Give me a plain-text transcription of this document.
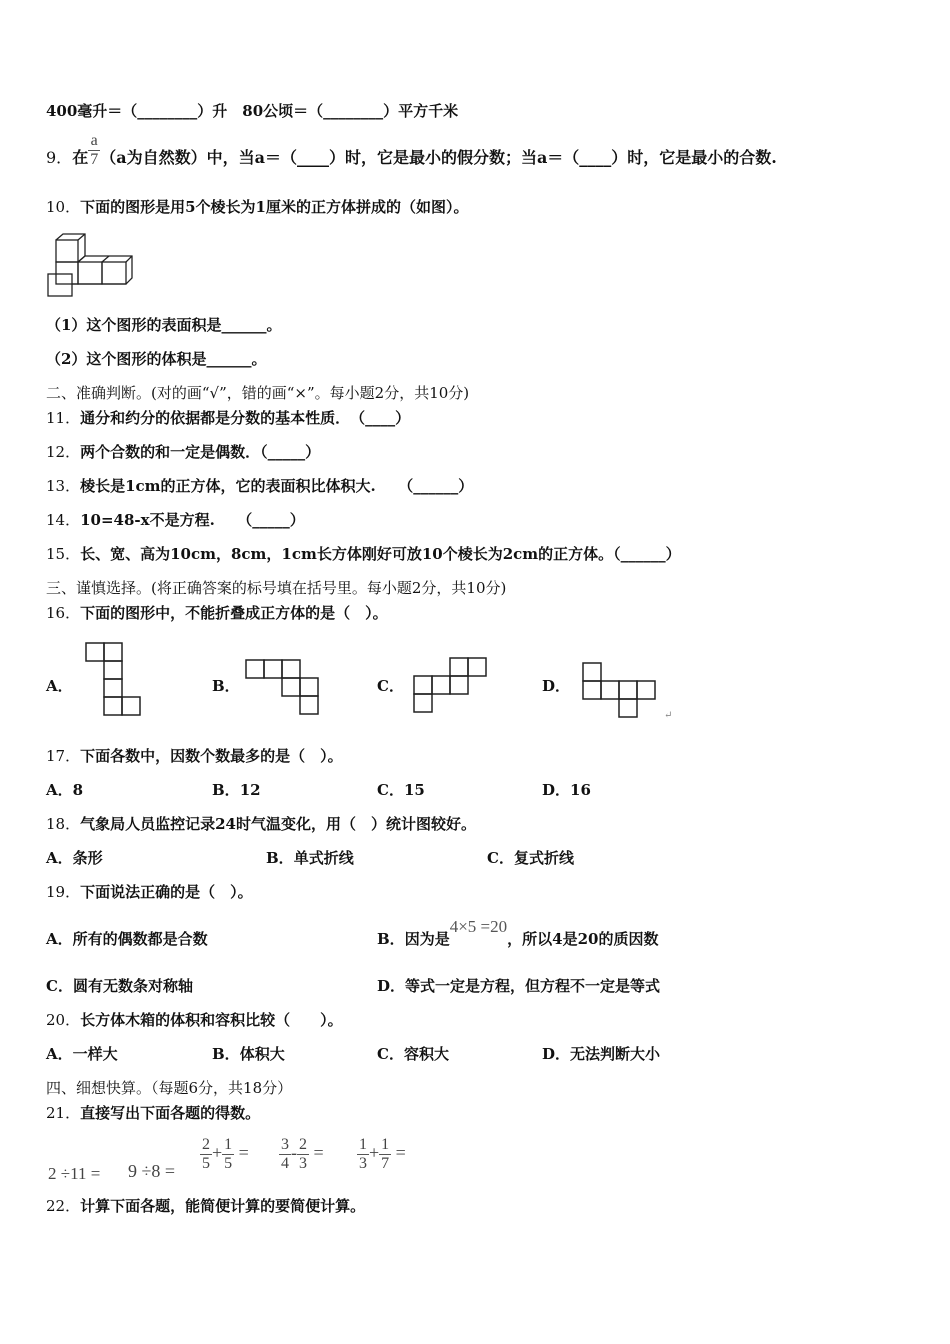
400毫升＝（________）升　80公顷＝（________）平方千米
9．在 $\frac{a}{7} (a$为自然数）中，当a＝（____）时，它是最小的假分数；当a＝（____）时，它是最小的合数.
10．下面的图形是用5个棱长为1厘米的正方体拼成的（如图）。
（1）这个图形的表面积是______。
（2）这个图形的体积是______。
二、准确判断。(对的画“√”，错的画“×”。每小题2分，共10分)
11．通分和约分的依据都是分数的基本性质．　（____）
12．两个合数的和一定是偶数．（_____）
13．棱长是1cm的正方体，它的表面积比体积大.　　（______）
14．10=48-x不是方程.　　（_____）
15．长、宽、高为10cm，8cm，1cm长方体刚好可放10个棱长为2cm的正方体。（______）
三、谨慎选择。(将正确答案的标号填在括号里。每小题2分，共10分)
16．下面的图形中，不能折叠成正方体的是（　）。
A．	B．	C．	D．
↵
17．下面各数中，因数个数最多的是（　）。
A．8	B．12	C．15	D．16
18．气象局人员监控记录24时气温变化，用（　）统计图较好。
A．条形	B．单式折线	C．复式折线
19．下面说法正确的是（　）。
A．所有的偶数都是合数	B．因为是4×5 =20，所以4是20的质因数
C．圆有无数条对称轴	D．等式一定是方程，但方程不一定是等式
20．长方体木箱的体积和容积比较（　　）。
A．一样大	B．体积大	C．容积大	D．无法判断大小
四、细想快算。（每题6分，共18分）
21．直接写出下面各题的得数。
$2 \div 11 = 9 \div 8 = \frac{2}{5} + \frac{1}{5} = \frac{3}{4} - \frac{2}{3} = \frac{1}{3} + \frac{1}{7}$ =
22．计算下面各题，能简便计算的要简便计算。
